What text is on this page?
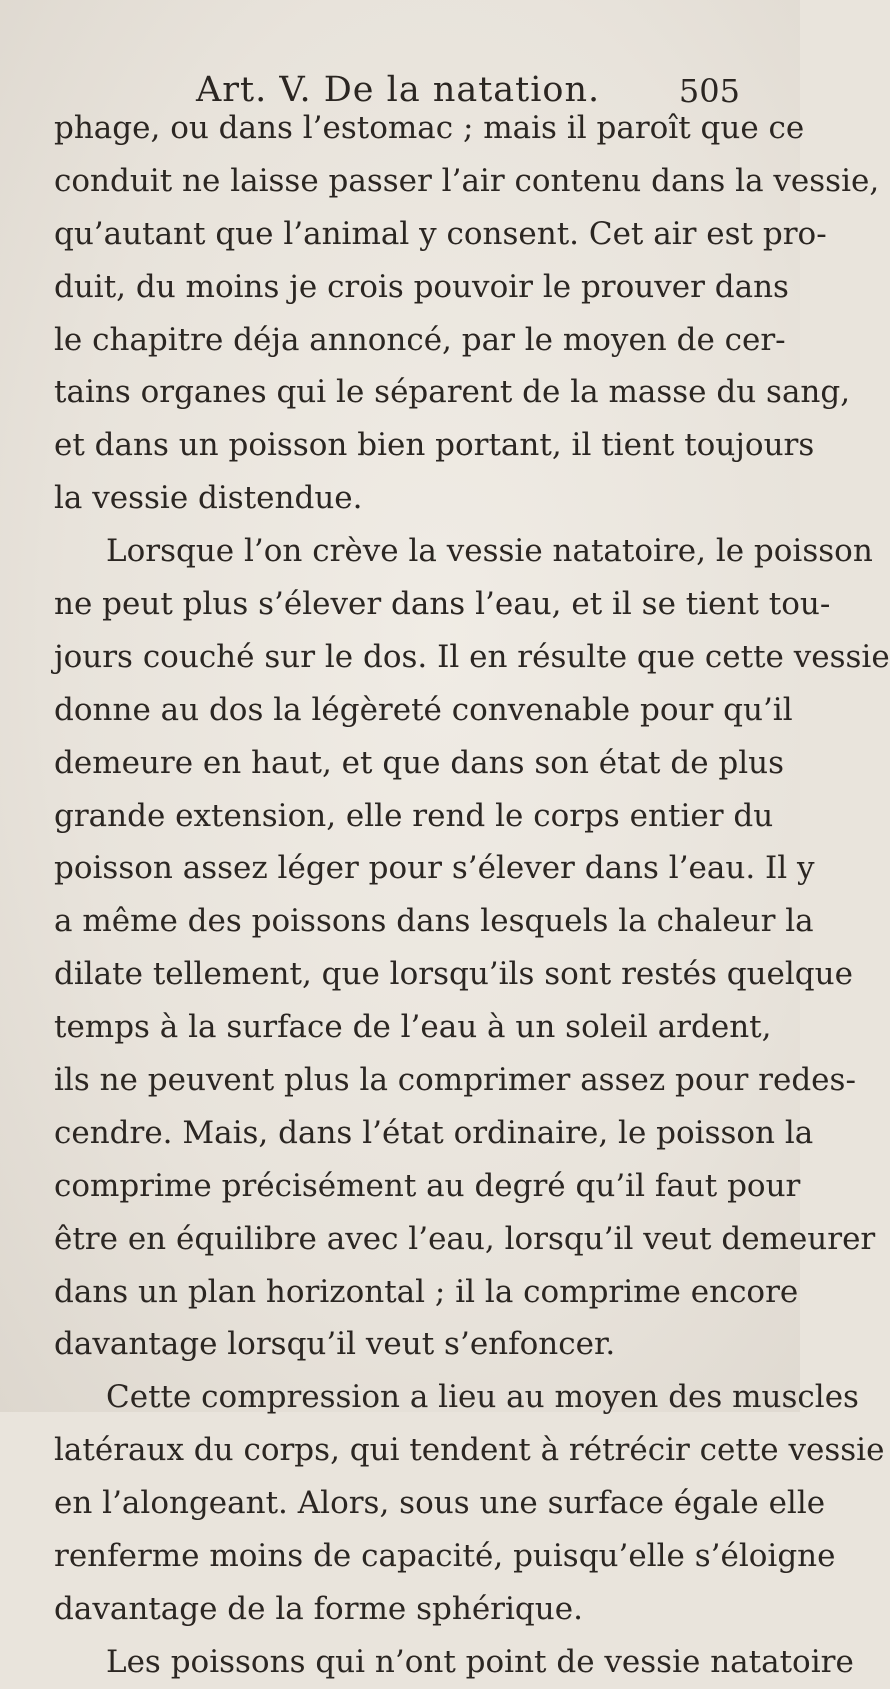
Art. V. De la natation. 505
phage, ou dans l’estomac ; mais il paroît que ce
conduit ne laisse passer l’air contenu dans la vessie,
qu’autant que l’animal y consent. Cet air est pro-
duit, du moins je crois pouvoir le prouver dans
le chapitre déja annoncé, par le moyen de cer-
tains organes qui le séparent de la masse du sang,
et dans un poisson bien portant, il tient toujours
la vessie distendue.
Lorsque l’on crève la vessie natatoire, le poisson
ne peut plus s’élever dans l’eau, et il se tient tou-
jours couché sur le dos. Il en résulte que cette vessie
donne au dos la légèreté convenable pour qu’il
demeure en haut, et que dans son état de plus
grande extension, elle rend le corps entier du
poisson assez léger pour s’élever dans l’eau. Il y
a même des poissons dans lesquels la chaleur la
dilate tellement, que lorsqu’ils sont restés quelque
temps à la surface de l’eau à un soleil ardent,
ils ne peuvent plus la comprimer assez pour redes-
cendre. Mais, dans l’état ordinaire, le poisson la
comprime précisément au degré qu’il faut pour
être en équilibre avec l’eau, lorsqu’il veut demeurer
dans un plan horizontal ; il la comprime encore
davantage lorsqu’il veut s’enfoncer.
Cette compression a lieu au moyen des muscles
latéraux du corps, qui tendent à rétrécir cette vessie
en l’alongeant. Alors, sous une surface égale elle
renferme moins de capacité, puisqu’elle s’éloigne
davantage de la forme sphérique.
Les poissons qui n’ont point de vessie natatoire
